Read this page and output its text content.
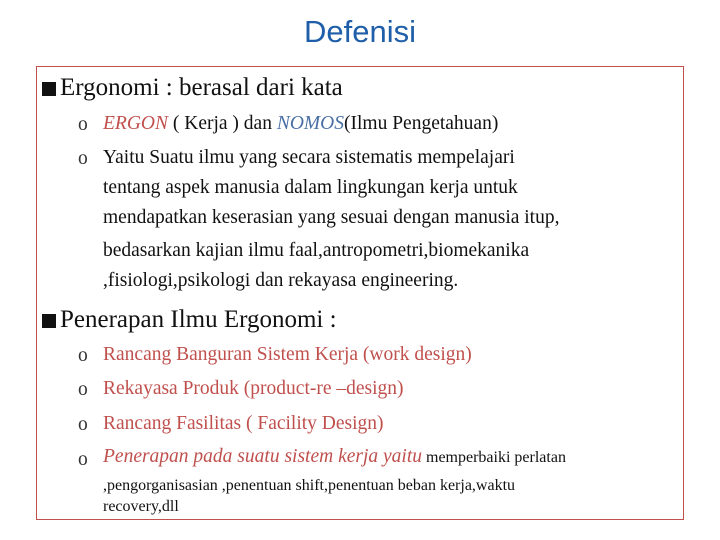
Defenisi
Ergonomi : berasal dari kata
o ERGON ( Kerja ) dan NOMOS(Ilmu Pengetahuan)
o Yaitu Suatu ilmu yang secara sistematis mempelajari
tentang aspek manusia dalam lingkungan kerja untuk
mendapatkan keserasian yang sesuai dengan manusia itup,
bedasarkan kajian ilmu faal,antropometri,biomekanika
,fisiologi,psikologi dan rekayasa engineering.
Penerapan Ilmu Ergonomi :
o Rancang Banguran Sistem Kerja (work design)
o Rekayasa Produk (product-re –design)
o Rancang Fasilitas ( Facility Design)
o Penerapan pada suatu sistem kerja yaitu memperbaiki perlatan
,pengorganisasian ,penentuan shift,penentuan beban kerja,waktu
recovery,dll
